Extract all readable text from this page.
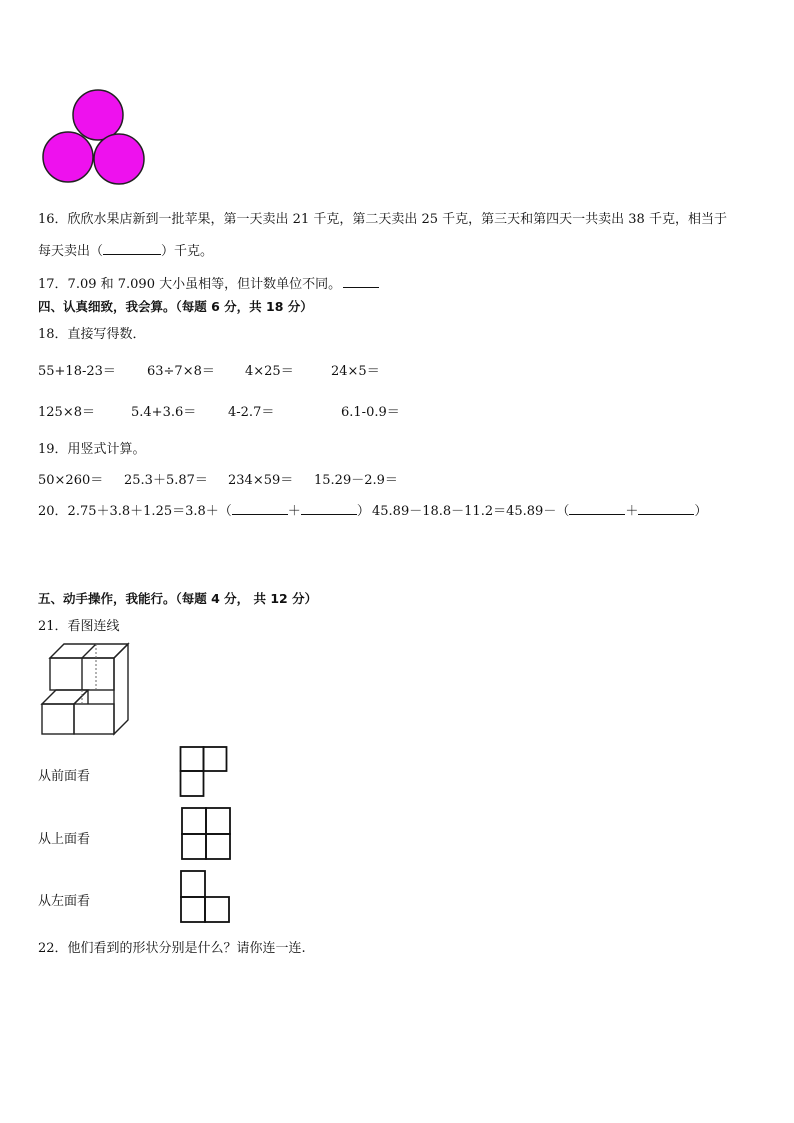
16．欣欣水果店新到一批苹果，第一天卖出 21 千克，第二天卖出 25 千克，第三天和第四天一共卖出 38 千克，相当于
每天卖出（	）千克。
17．7.09 和 7.090 大小虽相等，但计数单位不同。
四、认真细致，我会算。（每题 6 分，共 18 分）
18．直接写得数．
55+18-23＝ 63÷7×8＝ 4×25＝	24×5＝
125×8＝	5.4+3.6＝ 4-2.7＝	6.1-0.9＝
19．用竖式计算。
50×260＝ 25.3＋5.87＝ 234×59＝ 15.29－2.9＝
20．2.75＋3.8＋1.25＝3.8＋（	＋	） 45.89－18.8－11.2＝45.89－（	＋	）
五、动手操作，我能行。（每题 4 分， 共 12 分）
21．看图连线
从前面看
从上面看
从左面看
22．他们看到的形状分别是什么？请你连一连.
